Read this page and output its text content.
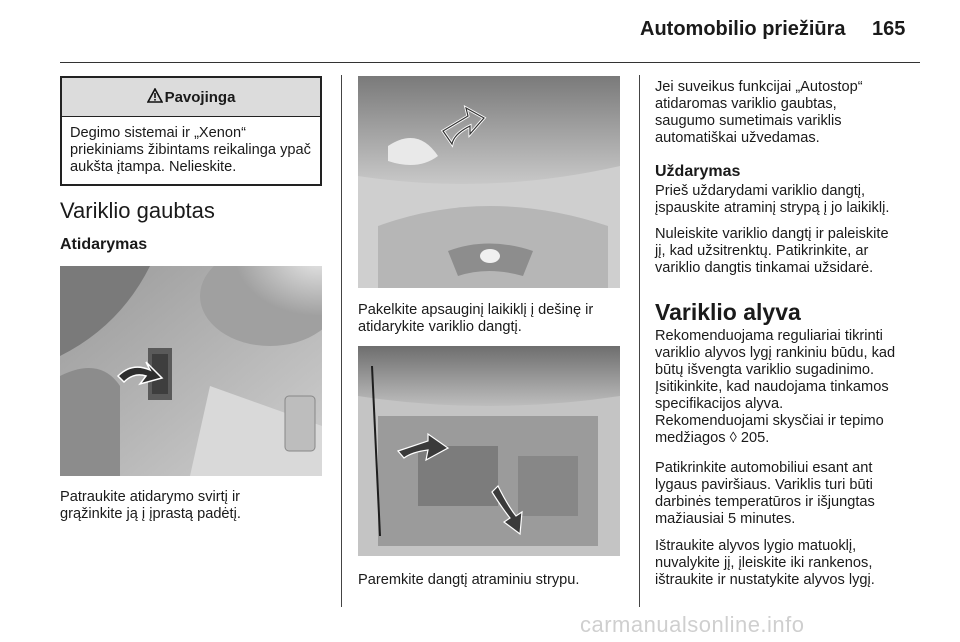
Automobilio priežiūra 165
Pavojinga
Degimo sistemai ir „Xenon“ priekiniams žibintams reikalinga ypač aukšta įtampa. Nelieskite.
Variklio gaubtas
Atidarymas

Patraukite atidarymo svirtį ir
grąžinkite ją į įprastą padėtį.

Pakelkite apsauginį laikiklį į dešinę ir
atidarykite variklio dangtį.

Paremkite dangtį atraminiu strypu.

Jei suveikus funkcijai „Autostop“
atidaromas variklio gaubtas,
saugumo sumetimais variklis
automatiškai užvedamas.

Uždarymas

Prieš uždarydami variklio dangtį,
įspauskite atraminį strypą į jo laikiklį.

Nuleiskite variklio dangtį ir paleiskite
jį, kad užsitrenktų. Patikrinkite, ar
variklio dangtis tinkamai užsidarė.

Variklio alyva

Rekomenduojama reguliariai tikrinti
variklio alyvos lygį rankiniu būdu, kad
būtų išvengta variklio sugadinimo.
Įsitikinkite, kad naudojama tinkamos
specifikacijos alyva.
Rekomenduojami skysčiai ir tepimo
medžiagos ◊ 205.

Patikrinkite automobiliui esant ant
lygaus paviršiaus. Variklis turi būti
darbinės temperatūros ir išjungtas
mažiausiai 5 minutes.

Ištraukite alyvos lygio matuoklį,
nuvalykite jį, įleiskite iki rankenos,
ištraukite ir nustatykite alyvos lygį.

carmanualsonline.info
